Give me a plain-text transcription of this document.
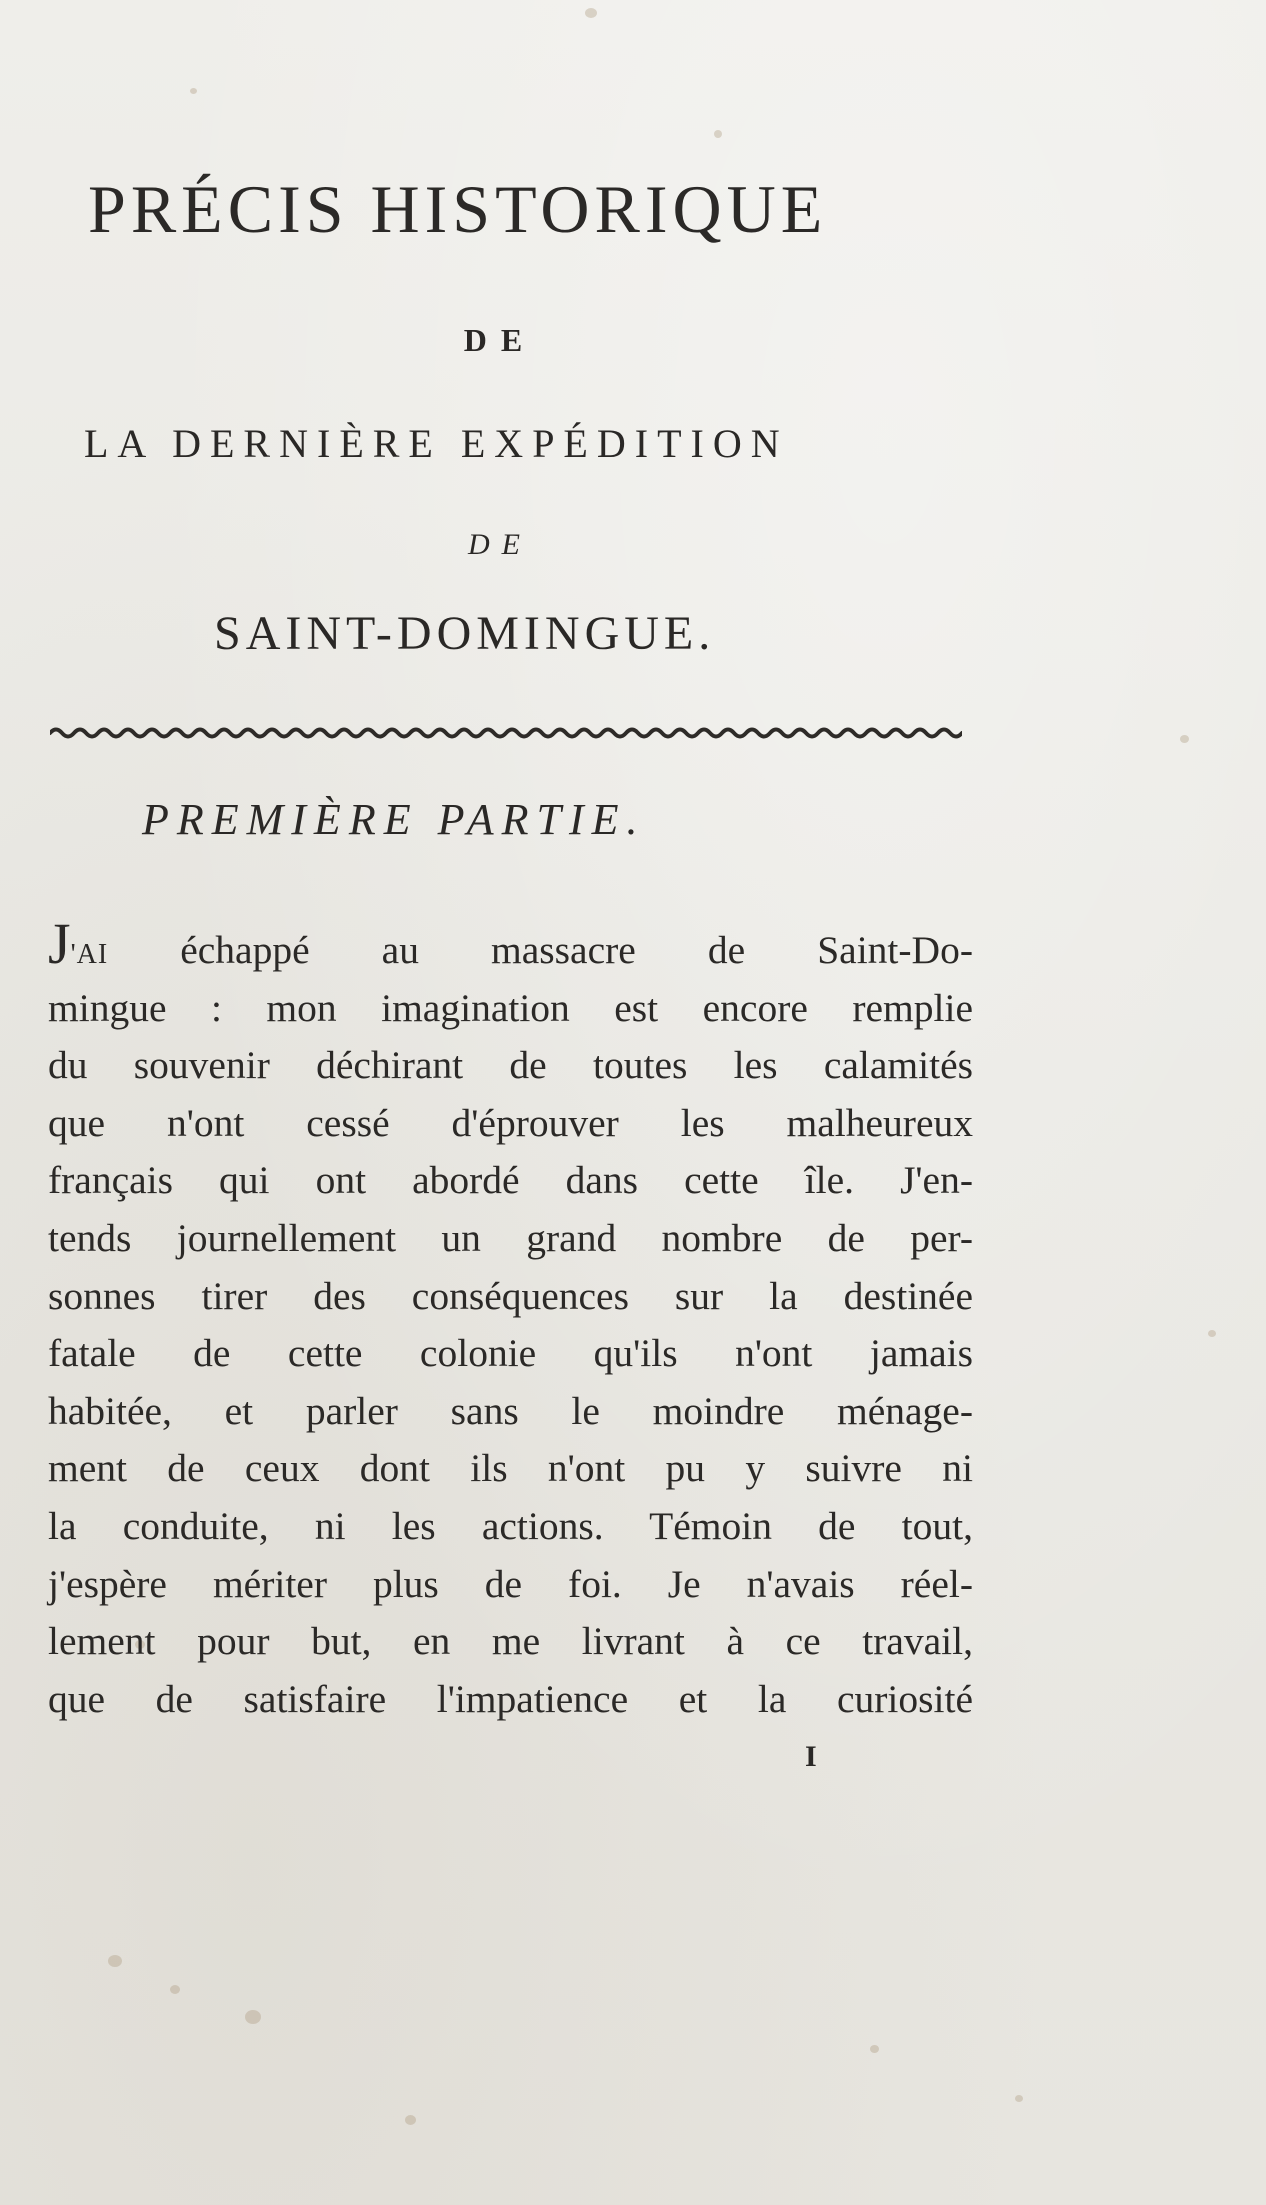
PRÉCIS HISTORIQUE
DE
LA DERNIÈRE EXPÉDITION
DE
SAINT-DOMINGUE.
PREMIÈRE PARTIE.
J'AI échappé au massacre de Saint-Do-
mingue : mon imagination est encore remplie
du souvenir déchirant de toutes les calamités
que n'ont cessé d'éprouver les malheureux
français qui ont abordé dans cette île. J'en-
tends journellement un grand nombre de per-
sonnes tirer des conséquences sur la destinée
fatale de cette colonie qu'ils n'ont jamais
habitée, et parler sans le moindre ménage-
ment de ceux dont ils n'ont pu y suivre ni
la conduite, ni les actions. Témoin de tout,
j'espère mériter plus de foi. Je n'avais réel-
lement pour but, en me livrant à ce travail,
que de satisfaire l'impatience et la curiosité
I
